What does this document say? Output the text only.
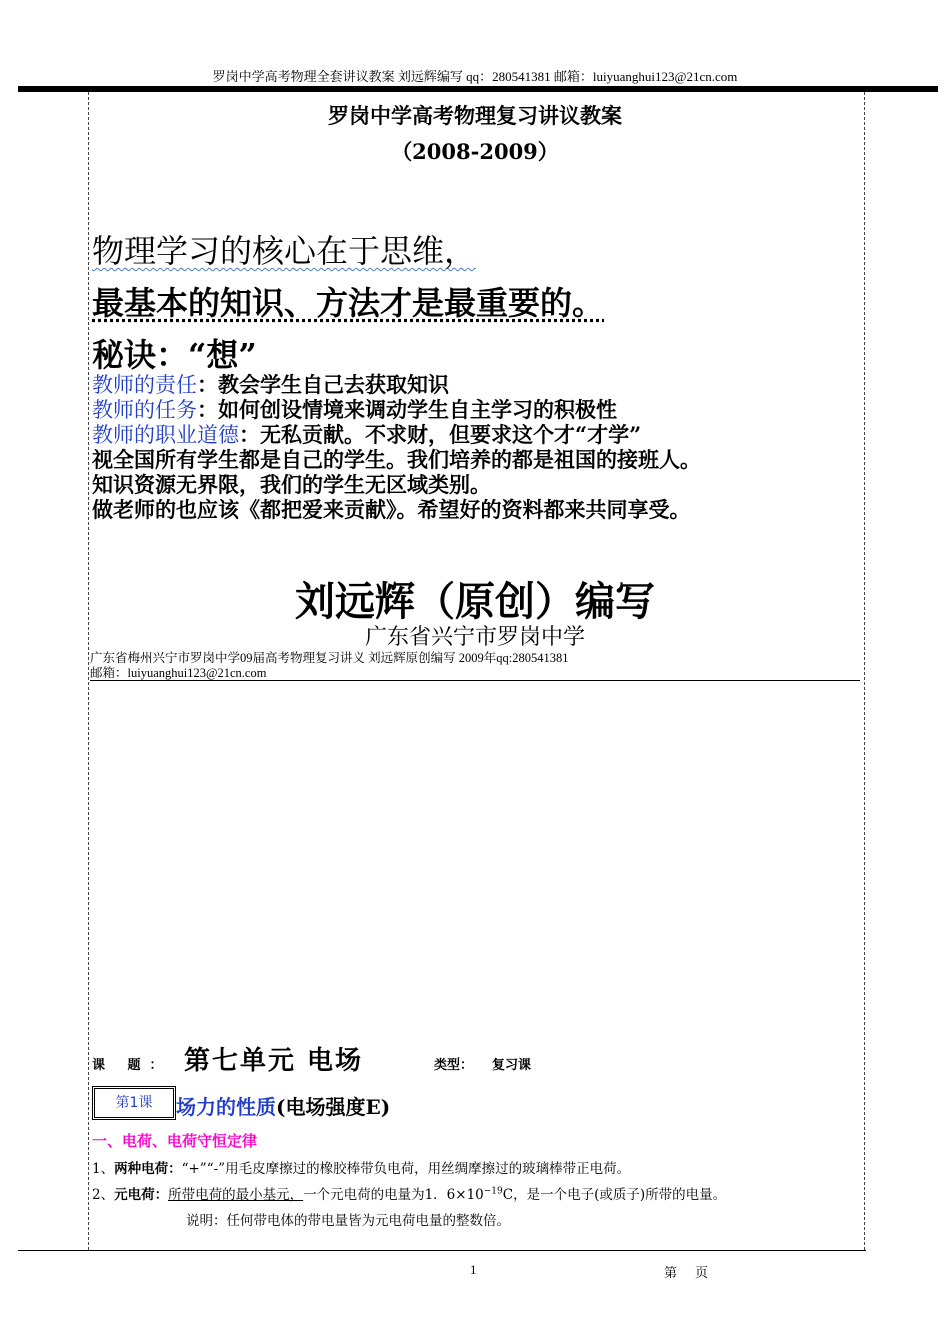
罗岗中学高考物理全套讲议教案 刘远辉编写 qq：280541381 邮箱：luiyuanghui123@21cn.com
罗岗中学高考物理复习讲议教案
（2008-2009）
物理学习的核心在于思维，
最基本的知识、方法才是最重要的。
秘诀：“想”
教师的责任：教会学生自己去获取知识
教师的任务：如何创设情境来调动学生自主学习的积极性
教师的职业道德：无私贡献。不求财，但要求这个才“才学”
视全国所有学生都是自己的学生。我们培养的都是祖国的接班人。
知识资源无界限，我们的学生无区域类别。
做老师的也应该《都把爱来贡献》。希望好的资料都来共同享受。
刘远辉（原创）编写
广东省兴宁市罗岗中学
广东省梅州兴宁市罗岗中学09届高考物理复习讲义 刘远辉原创编写 2009年qq:280541381
邮箱：luiyuanghui123@21cn.com
课 题： 第七单元 电场	类型： 复习课
第1课	场力的性质(电场强度E)
一、电荷、电荷守恒定律
1、两种电荷：“+”“-”用毛皮摩擦过的橡胶棒带负电荷，用丝绸摩擦过的玻璃棒带正电荷。
2、元电荷：所带电荷的最小基元，一个元电荷的电量为1．$6\times 10^{-19}C$，是一个电子(或质子)所带的电量。
说明：任何带电体的带电量皆为元电荷电量的整数倍。
1	第页
